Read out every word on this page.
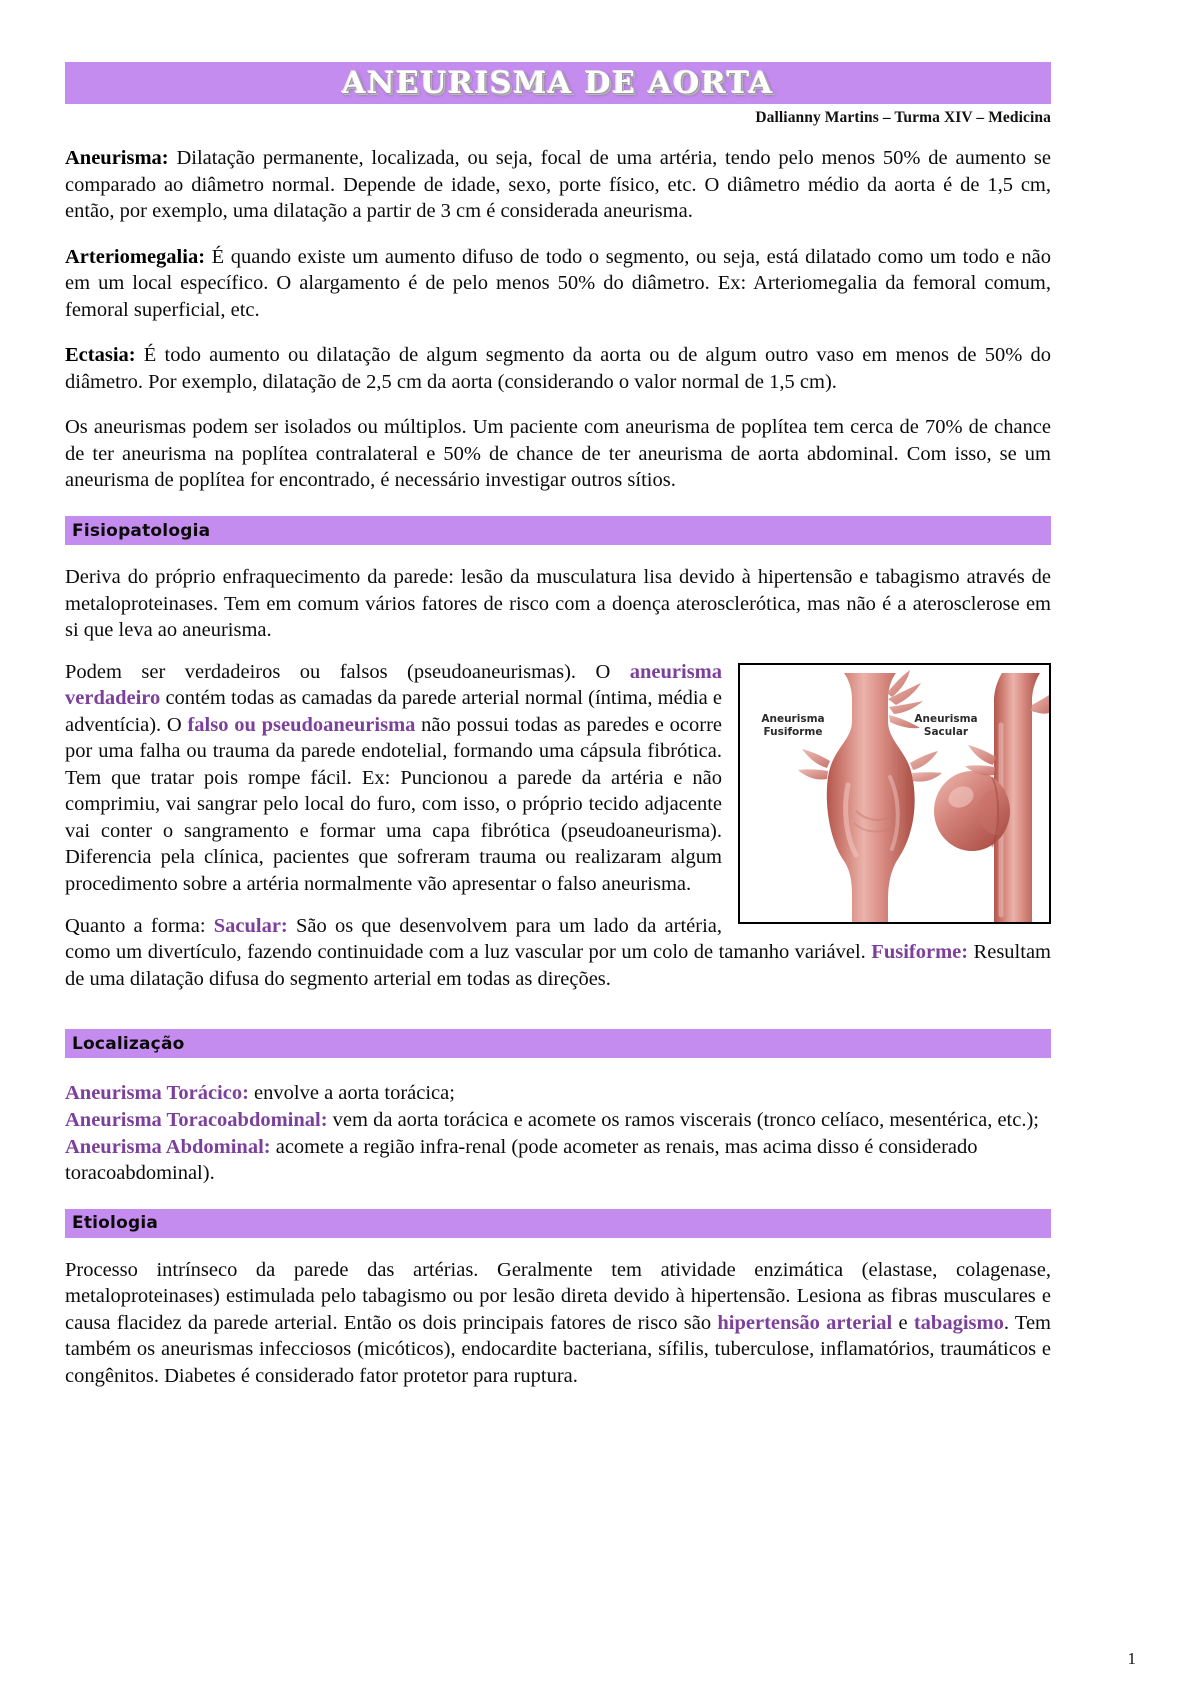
ANEURISMA DE AORTA
Dallianny Martins – Turma XIV – Medicina
Aneurisma: Dilatação permanente, localizada, ou seja, focal de uma artéria, tendo pelo menos 50% de aumento se comparado ao diâmetro normal. Depende de idade, sexo, porte físico, etc. O diâmetro médio da aorta é de 1,5 cm, então, por exemplo, uma dilatação a partir de 3 cm é considerada aneurisma.
Arteriomegalia: É quando existe um aumento difuso de todo o segmento, ou seja, está dilatado como um todo e não em um local específico. O alargamento é de pelo menos 50% do diâmetro. Ex: Arteriomegalia da femoral comum, femoral superficial, etc.
Ectasia: É todo aumento ou dilatação de algum segmento da aorta ou de algum outro vaso em menos de 50% do diâmetro. Por exemplo, dilatação de 2,5 cm da aorta (considerando o valor normal de 1,5 cm).
Os aneurismas podem ser isolados ou múltiplos. Um paciente com aneurisma de poplítea tem cerca de 70% de chance de ter aneurisma na poplítea contralateral e 50% de chance de ter aneurisma de aorta abdominal. Com isso, se um aneurisma de poplítea for encontrado, é necessário investigar outros sítios.
Fisiopatologia

Deriva do próprio enfraquecimento da parede: lesão da musculatura lisa devido à hipertensão e tabagismo através de metaloproteinases. Tem em comum vários fatores de risco com a doença aterosclerótica, mas não é a aterosclerose em si que leva ao aneurisma.

Aneurisma
Fusiforme
Aneurisma
Sacular

Podem ser verdadeiros ou falsos (pseudoaneurismas). O aneurisma verdadeiro contém todas as camadas da parede arterial normal (íntima, média e adventícia). O falso ou pseudoaneurisma não possui todas as paredes e ocorre por uma falha ou trauma da parede endotelial, formando uma cápsula fibrótica. Tem que tratar pois rompe fácil. Ex: Puncionou a parede da artéria e não comprimiu, vai sangrar pelo local do furo, com isso, o próprio tecido adjacente vai conter o sangramento e formar uma capa fibrótica (pseudoaneurisma). Diferencia pela clínica, pacientes que sofreram trauma ou realizaram algum procedimento sobre a artéria normalmente vão apresentar o falso aneurisma.

Quanto a forma: Sacular: São os que desenvolvem para um lado da artéria, como um divertículo, fazendo continuidade com a luz vascular por um colo de tamanho variável. Fusiforme: Resultam de uma dilatação difusa do segmento arterial em todas as direções.

Localização
Aneurisma Torácico: envolve a aorta torácica;
Aneurisma Toracoabdominal: vem da aorta torácica e acomete os ramos viscerais (tronco celíaco, mesentérica, etc.);
Aneurisma Abdominal: acomete a região infra-renal (pode acometer as renais, mas acima disso é considerado toracoabdominal).
Etiologia
Processo intrínseco da parede das artérias. Geralmente tem atividade enzimática (elastase, colagenase, metaloproteinases) estimulada pelo tabagismo ou por lesão direta devido à hipertensão. Lesiona as fibras musculares e causa flacidez da parede arterial. Então os dois principais fatores de risco são hipertensão arterial e tabagismo. Tem também os aneurismas infecciosos (micóticos), endocardite bacteriana, sífilis, tuberculose, inflamatórios, traumáticos e congênitos. Diabetes é considerado fator protetor para ruptura.
1
